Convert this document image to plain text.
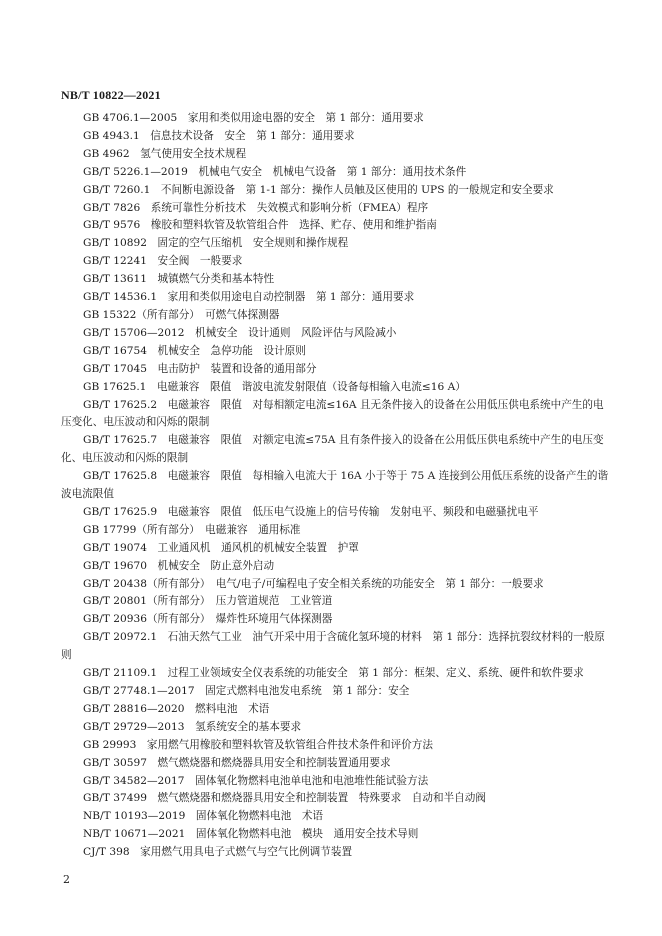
NB/T 10822—2021
GB 4706.1—2005　家用和类似用途电器的安全　第 1 部分：通用要求
GB 4943.1　信息技术设备　安全　第 1 部分：通用要求
GB 4962　氢气使用安全技术规程
GB/T 5226.1—2019　机械电气安全　机械电气设备　第 1 部分：通用技术条件
GB/T 7260.1　不间断电源设备　第 1-1 部分：操作人员触及区使用的 UPS 的一般规定和安全要求
GB/T 7826　系统可靠性分析技术　失效模式和影响分析（FMEA）程序
GB/T 9576　橡胶和塑料软管及软管组合件　选择、贮存、使用和维护指南
GB/T 10892　固定的空气压缩机　安全规则和操作规程
GB/T 12241　安全阀　一般要求
GB/T 13611　城镇燃气分类和基本特性
GB/T 14536.1　家用和类似用途电自动控制器　第 1 部分：通用要求
GB 15322（所有部分）　可燃气体探测器
GB/T 15706—2012　机械安全　设计通则　风险评估与风险减小
GB/T 16754　机械安全　急停功能　设计原则
GB/T 17045　电击防护　装置和设备的通用部分
GB 17625.1　电磁兼容　限值　谐波电流发射限值（设备每相输入电流≤16 A）
GB/T 17625.2　电磁兼容　限值　对每相额定电流≤16A 且无条件接入的设备在公用低压供电系统中产生的电压变化、电压波动和闪烁的限制
GB/T 17625.7　电磁兼容　限值　对额定电流≤75A 且有条件接入的设备在公用低压供电系统中产生的电压变化、电压波动和闪烁的限制
GB/T 17625.8　电磁兼容　限值　每相输入电流大于 16A 小于等于 75 A 连接到公用低压系统的设备产生的谐波电流限值
GB/T 17625.9　电磁兼容　限值　低压电气设施上的信号传输　发射电平、频段和电磁骚扰电平
GB 17799（所有部分）　电磁兼容　通用标准
GB/T 19074　工业通风机　通风机的机械安全装置　护罩
GB/T 19670　机械安全　防止意外启动
GB/T 20438（所有部分）　电气/电子/可编程电子安全相关系统的功能安全　第 1 部分：一般要求
GB/T 20801（所有部分）　压力管道规范　工业管道
GB/T 20936（所有部分）　爆炸性环境用气体探测器
GB/T 20972.1　石油天然气工业　油气开采中用于含硫化氢环境的材料　第 1 部分：选择抗裂纹材料的一般原则
GB/T 21109.1　过程工业领域安全仪表系统的功能安全　第 1 部分：框架、定义、系统、硬件和软件要求
GB/T 27748.1—2017　固定式燃料电池发电系统　第 1 部分：安全
GB/T 28816—2020　燃料电池　术语
GB/T 29729—2013　氢系统安全的基本要求
GB 29993　家用燃气用橡胶和塑料软管及软管组合件技术条件和评价方法
GB/T 30597　燃气燃烧器和燃烧器具用安全和控制装置通用要求
GB/T 34582—2017　固体氧化物燃料电池单电池和电池堆性能试验方法
GB/T 37499　燃气燃烧器和燃烧器具用安全和控制装置　特殊要求　自动和半自动阀
NB/T 10193—2019　固体氧化物燃料电池　术语
NB/T 10671—2021　固体氧化物燃料电池　模块　通用安全技术导则
CJ/T 398　家用燃气用具电子式燃气与空气比例调节装置
2
